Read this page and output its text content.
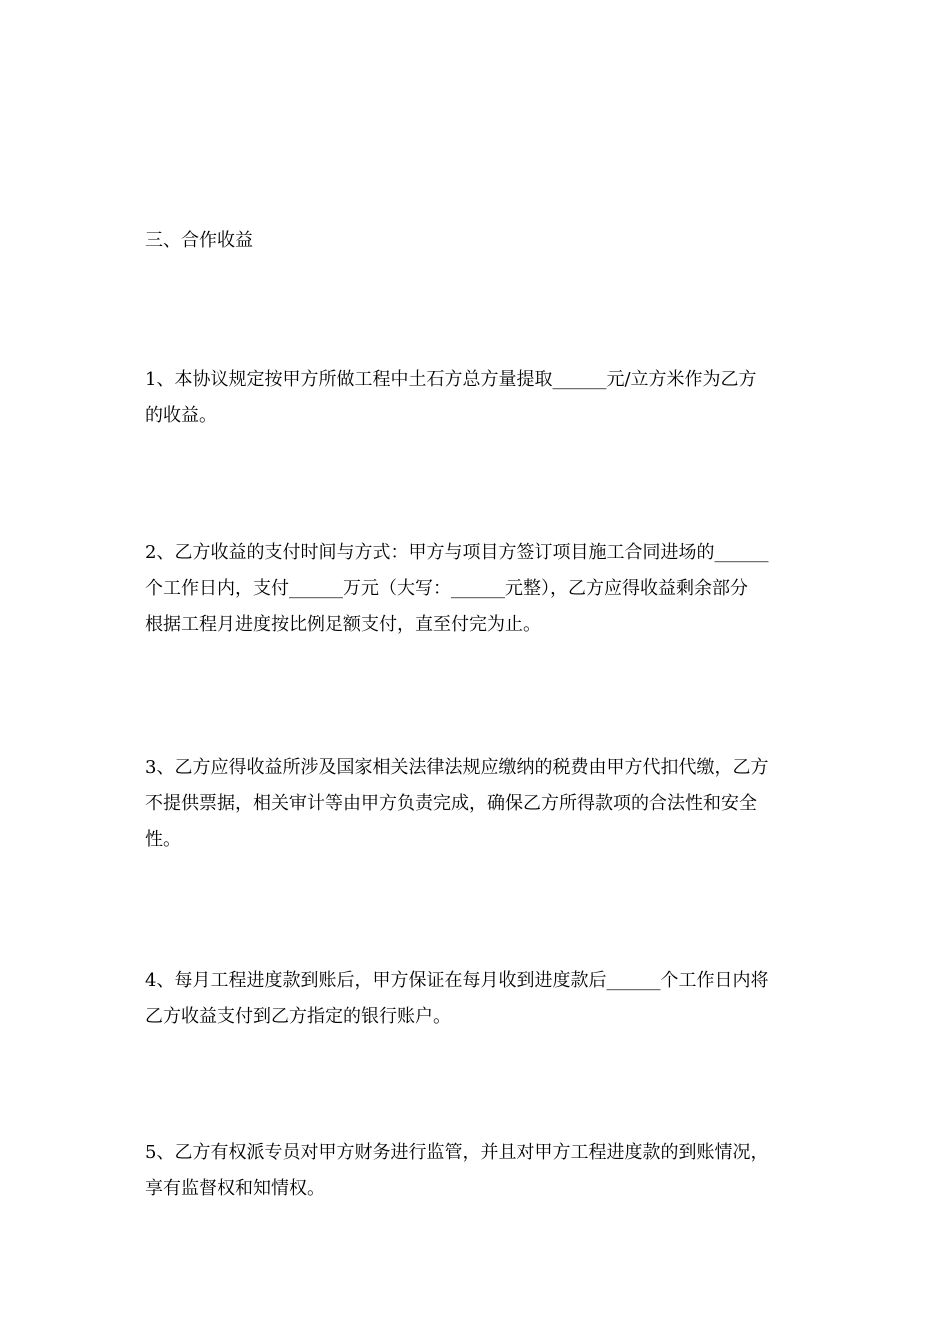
三、合作收益
1、本协议规定按甲方所做工程中土石方总方量提取______元/立方米作为乙方
的收益。
2、乙方收益的支付时间与方式：甲方与项目方签订项目施工合同进场的______
个工作日内，支付______万元（大写：______元整），乙方应得收益剩余部分
根据工程月进度按比例足额支付，直至付完为止。
3、乙方应得收益所涉及国家相关法律法规应缴纳的税费由甲方代扣代缴，乙方
不提供票据，相关审计等由甲方负责完成，确保乙方所得款项的合法性和安全
性。
4、每月工程进度款到账后，甲方保证在每月收到进度款后______个工作日内将
乙方收益支付到乙方指定的银行账户。
5、乙方有权派专员对甲方财务进行监管，并且对甲方工程进度款的到账情况，
享有监督权和知情权。
